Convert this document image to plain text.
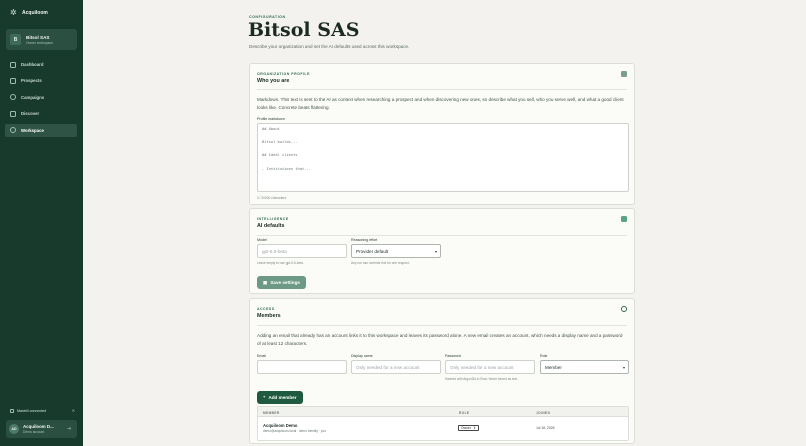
✲ Acquiloom
B	Bitsol SAS
Owner workspace
Dashboard
Prospects
Campaigns
Discover
Workspace
Mantrill connected	✕
AD	Acquiloom D...
Demo account	⇥
CONFIGURATION
Bitsol SAS
Describe your organization and set the AI defaults used across this workspace.
ORGANIZATION PROFILE
Who you are
Markdown. This text is sent to the AI as context when researching a prospect and when discovering new ones, so describe what you sell, who you serve well, and what a good client looks like. Concrete beats flattering.
Profile markdown
## About
Bitsol builds...
## Ideal clients
- Institutions that...
0 / 20000 characters
INTELLIGENCE
AI defaults
Model
gpt-5.5-beta
Leave empty to use gpt-5.5-beta.
Reasoning effort
Provider default	▾
Any run can override this for one request.
▣ Save settings
ACCESS
Members
Adding an email that already has an account links it to this workspace and leaves its password alone. A new email creates an account, which needs a display name and a password of at least 12 characters.
Email	Display name
Only needed for a new account
Password
Only needed for a new account
Hashed with Argon2id in Rust. Never stored as text.
Role
Member	▾
⁺ Add member
MEMBER	ROLE	JOINED
Acquiloom Demo
demo@acquiloom.local · demo identity · you
Owner ⇕	Jul 18, 2026
